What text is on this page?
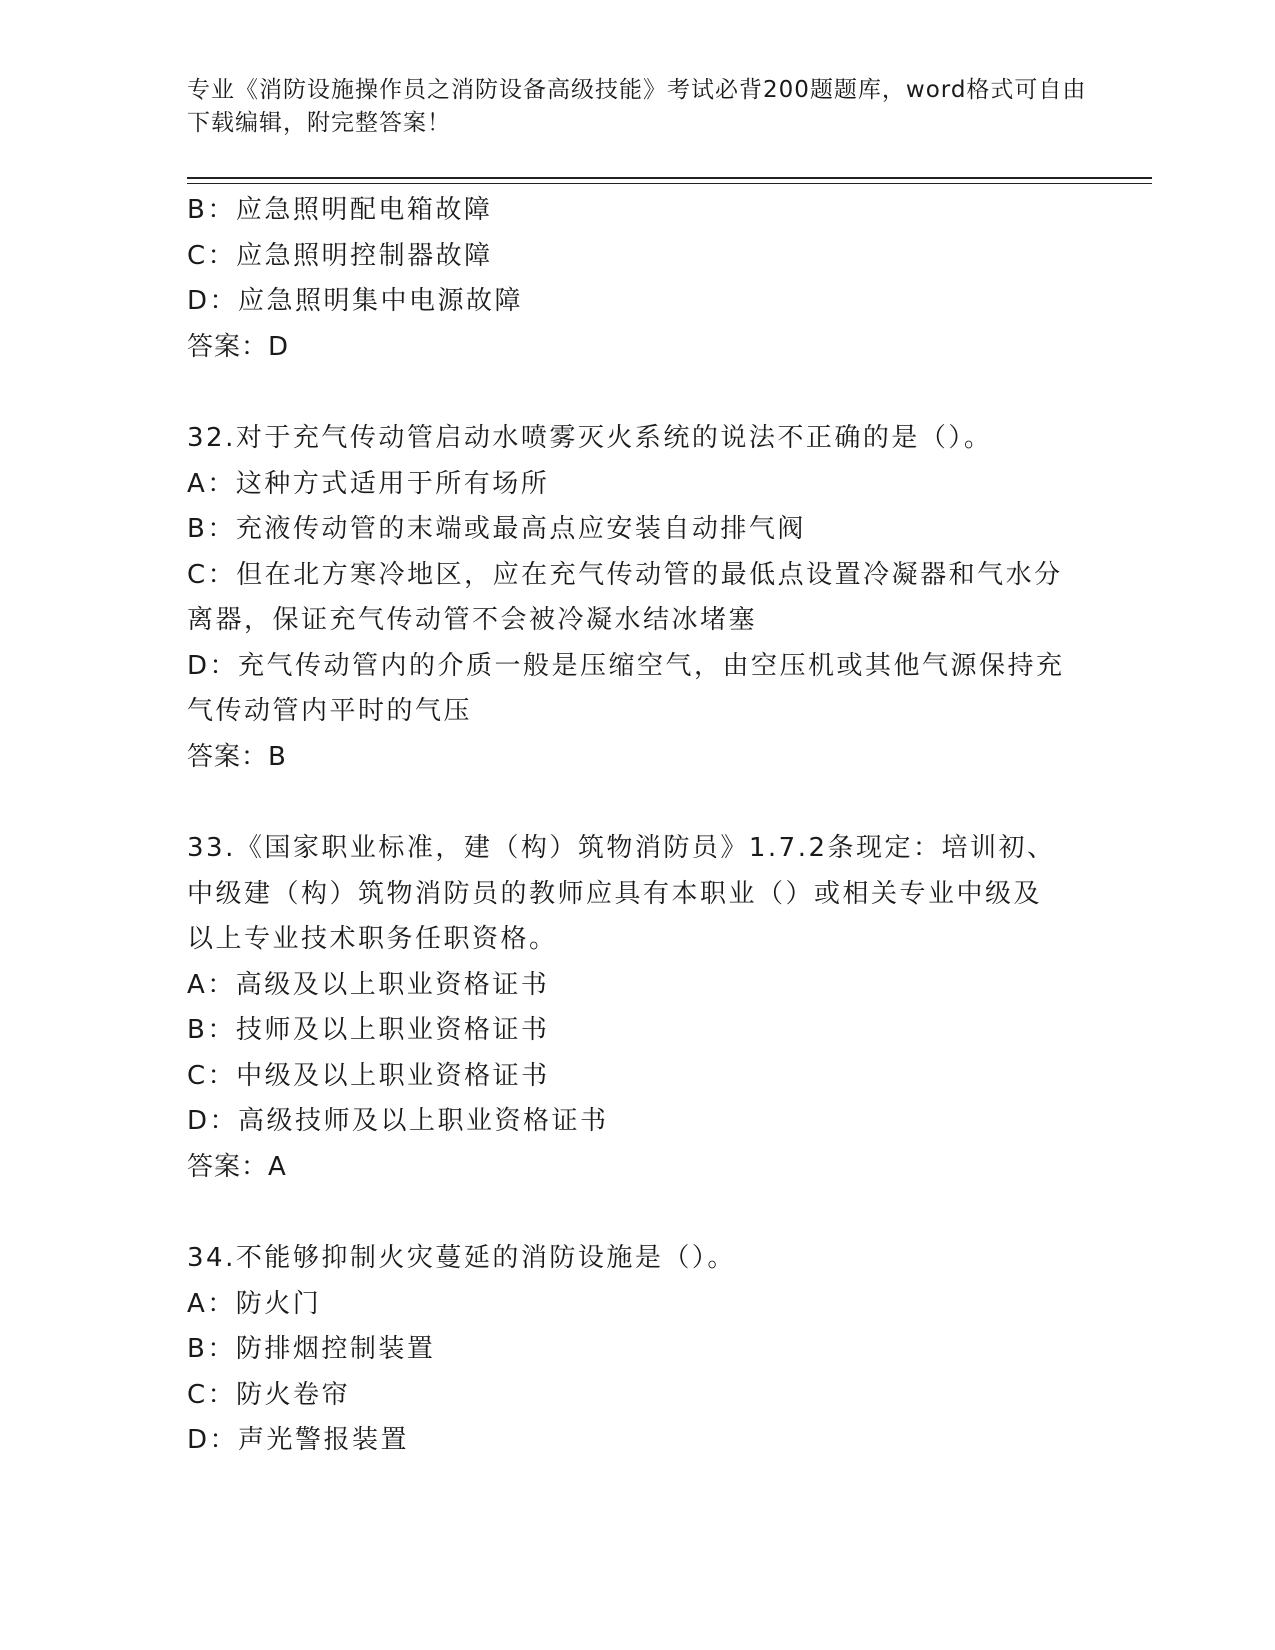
专业《消防设施操作员之消防设备高级技能》考试必背200题题库，word格式可自由下载编辑，附完整答案！
B：应急照明配电箱故障
C：应急照明控制器故障
D：应急照明集中电源故障
答案：D
32.对于充气传动管启动水喷雾灭火系统的说法不正确的是（）。
A：这种方式适用于所有场所
B：充液传动管的末端或最高点应安装自动排气阀
C：但在北方寒冷地区，应在充气传动管的最低点设置冷凝器和气水分离器，保证充气传动管不会被冷凝水结冰堵塞
D：充气传动管内的介质一般是压缩空气，由空压机或其他气源保持充气传动管内平时的气压
答案：B
33.《国家职业标准，建（构）筑物消防员》1.7.2条现定：培训初、中级建（构）筑物消防员的教师应具有本职业（）或相关专业中级及以上专业技术职务任职资格。
A：高级及以上职业资格证书
B：技师及以上职业资格证书
C：中级及以上职业资格证书
D：高级技师及以上职业资格证书
答案：A
34.不能够抑制火灾蔓延的消防设施是（）。
A：防火门
B：防排烟控制装置
C：防火卷帘
D：声光警报装置
